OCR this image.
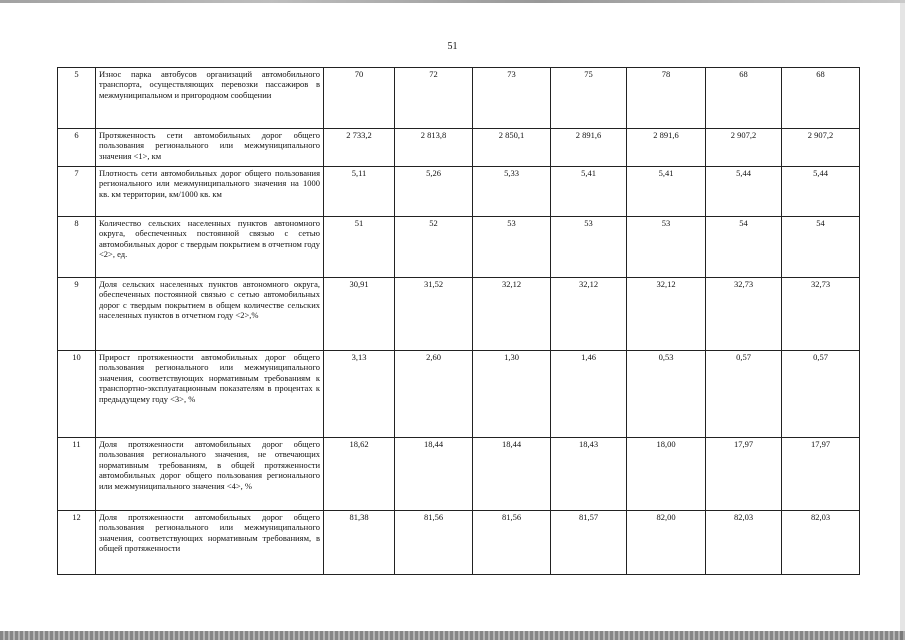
51
5	Износ парка автобусов организаций автомобильного транспорта, осуществляющих перевозки пассажиров в межмуниципальном и пригородном сообщении	70	72	73	75	78	68	68
6	Протяженность сети автомобильных дорог общего пользования регионального или межмуниципального значения <1>, км	2 733,2	2 813,8	2 850,1	2 891,6	2 891,6	2 907,2	2 907,2
7	Плотность сети автомобильных дорог общего пользования регионального или межмуниципального значения на 1000 кв. км территории, км/1000 кв. км	5,11	5,26	5,33	5,41	5,41	5,44	5,44
8	Количество сельских населенных пунктов автономного округа, обеспеченных постоянной связью с сетью автомобильных дорог с твердым покрытием в отчетном году <2>, ед.	51	52	53	53	53	54	54
9	Доля сельских населенных пунктов автономного округа, обеспеченных постоянной связью с сетью автомобильных дорог с твердым покрытием в общем количестве сельских населенных пунктов в отчетном году <2>,%	30,91	31,52	32,12	32,12	32,12	32,73	32,73
10	Прирост протяженности автомобильных дорог общего пользования регионального или межмуниципального значения, соответствующих нормативным требованиям к транспортно-эксплуатационным показателям в процентах к предыдущему году <3>, %	3,13	2,60	1,30	1,46	0,53	0,57	0,57
11	Доля протяженности автомобильных дорог общего пользования регионального значения, не отвечающих нормативным требованиям, в общей протяженности автомобильных дорог общего пользования регионального или межмуниципального значения <4>, %	18,62	18,44	18,44	18,43	18,00	17,97	17,97
12	Доля протяженности автомобильных дорог общего пользования регионального или межмуниципального значения, соответствующих нормативным требованиям, в общей протяженности	81,38	81,56	81,56	81,57	82,00	82,03	82,03
